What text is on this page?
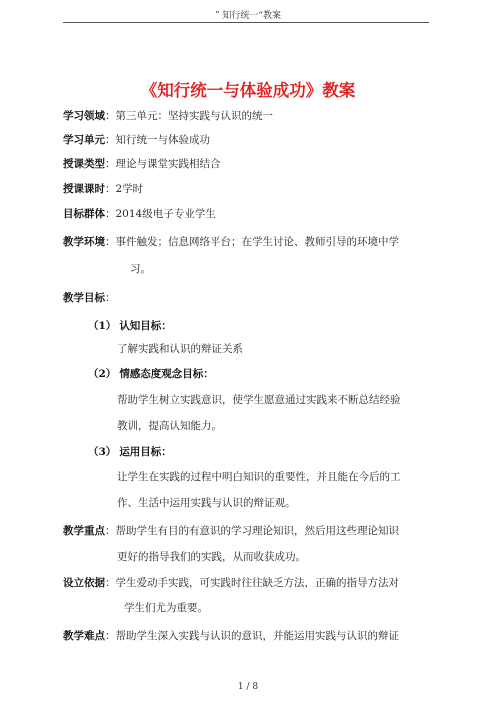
” 知行统一“教案
《知行统一与体验成功》教案
学习领域：第三单元：坚持实践与认识的统一
学习单元：知行统一与体验成功
授课类型：理论与课堂实践相结合
授课课时：2学时
目标群体：2014级电子专业学生
教学环境：事件触发；信息网络平台；在学生讨论、教师引导的环境中学
习。
教学目标：
（1） 认知目标：
了解实践和认识的辩证关系
（2） 情感态度观念目标：
帮助学生树立实践意识，使学生愿意通过实践来不断总结经验
教训，提高认知能力。
（3） 运用目标：
让学生在实践的过程中明白知识的重要性，并且能在今后的工
作、生活中运用实践与认识的辩证观。
教学重点：帮助学生有目的有意识的学习理论知识，然后用这些理论知识
更好的指导我们的实践，从而收获成功。
设立依据：学生爱动手实践，可实践时往往缺乏方法，正确的指导方法对
学生们尤为重要。
教学难点：帮助学生深入实践与认识的意识，并能运用实践与认识的辩证
1 / 8
